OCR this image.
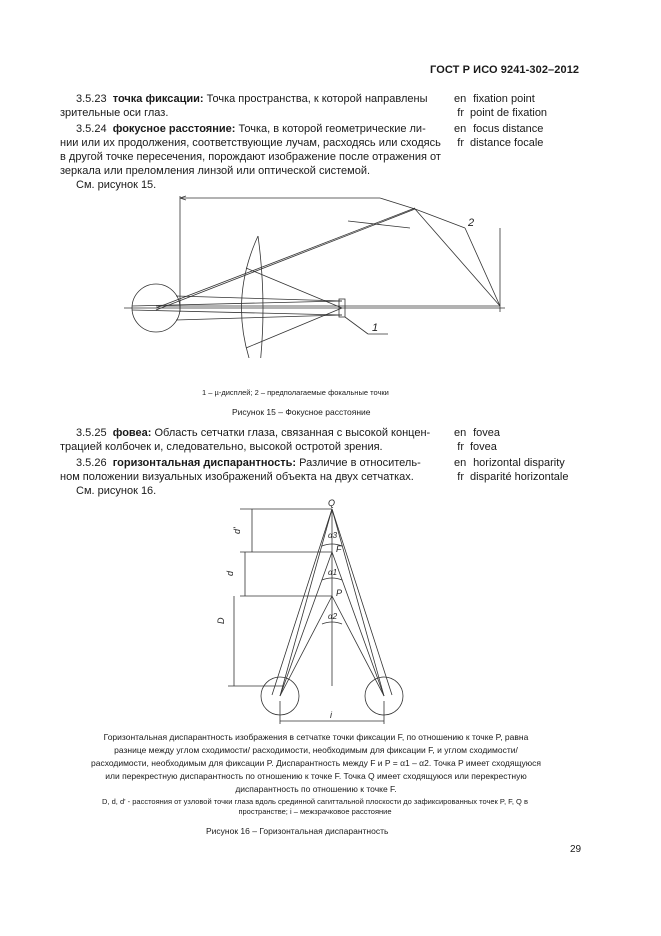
ГОСТ Р ИСО 9241-302–2012
3.5.23 точка фиксации: Точка пространства, к которой направлены
зрительные оси глаз.
en fixation point
fr point de fixation
3.5.24 фокусное расстояние: Точка, в которой геометрические ли-
нии или их продолжения, соответствующие лучам, расходясь или сходясь
в другой точке пересечения, порождают изображение после отражения от
зеркала или преломления линзой или оптической системой.
См. рисунок 15.
en focus distance
fr distance focale
2
1
1 – µ-дисплей; 2 – предполагаемые фокальные точки
Рисунок 15 – Фокусное расстояние
3.5.25 фовеа: Область сетчатки глаза, связанная с высокой концен-
трацией колбочек и, следовательно, высокой остротой зрения.
en fovea
fr fovea
3.5.26 горизонтальная диспарантность: Различие в относитель-
ном положении визуальных изображений объекта на двух сетчатках.
См. рисунок 16.
en horizontal disparity
fr disparité horizontale
Q
F
P
α3
α1
α2
d'
d
D
i
Горизонтальная диспарантность изображения в сетчатке точки фиксации F, по отношению к точке P, равна
разнице между углом сходимости/ расходимости, необходимым для фиксации F, и углом сходимости/
расходимости, необходимым для фиксации P. Диспарантность между F и P = α1 – α2. Точка P имеет сходящуюся
или перекрестную диспарантность по отношению к точке F. Точка Q имеет сходящуюся или перекрестную
диспарантность по отношению к точке F.
D, d, d' - расстояния от узловой точки глаза вдоль срединной сагиттальной плоскости до зафиксированных точек P, F, Q в
пространстве; i – межзрачковое расстояние
Рисунок 16 – Горизонтальная диспарантность
29
